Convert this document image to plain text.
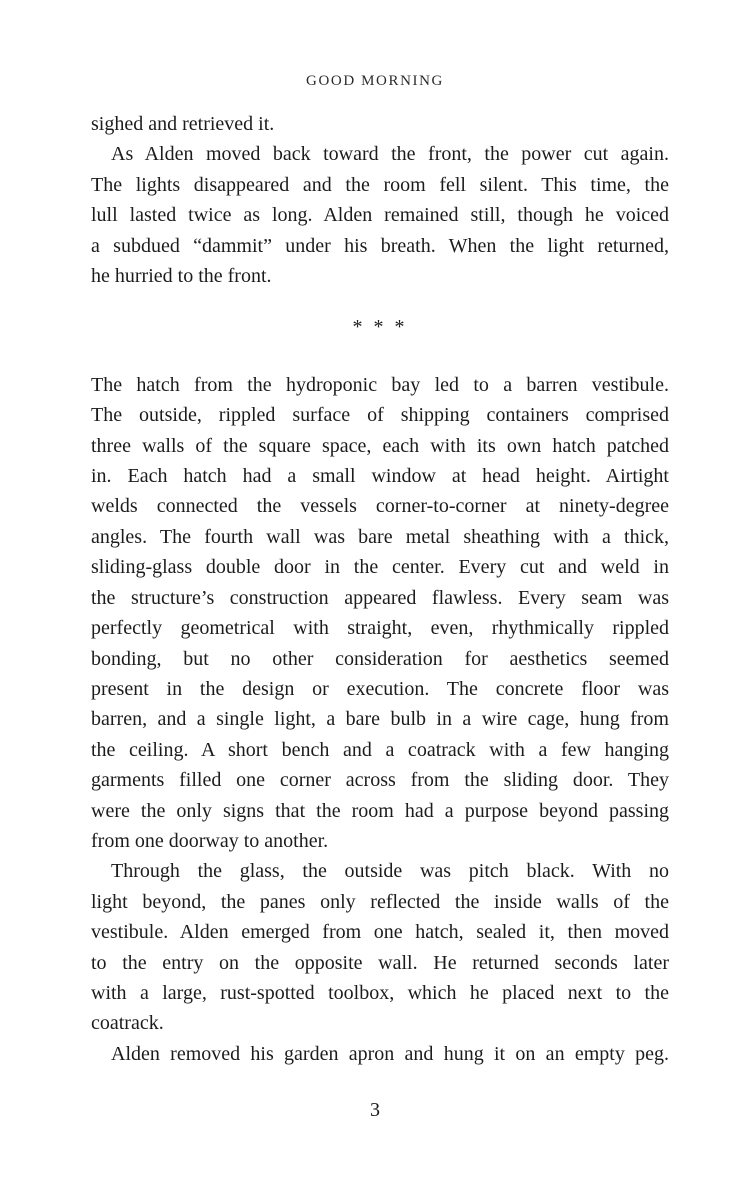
GOOD MORNING
sighed and retrieved it.
As Alden moved back toward the front, the power cut again.
The lights disappeared and the room fell silent. This time, the
lull lasted twice as long. Alden remained still, though he voiced
a subdued “dammit” under his breath. When the light returned,
he hurried to the front.
* * *
The hatch from the hydroponic bay led to a barren vestibule.
The outside, rippled surface of shipping containers comprised
three walls of the square space, each with its own hatch patched
in. Each hatch had a small window at head height. Airtight
welds connected the vessels corner-to-corner at ninety-degree
angles. The fourth wall was bare metal sheathing with a thick,
sliding-glass double door in the center. Every cut and weld in
the structure’s construction appeared flawless. Every seam was
perfectly geometrical with straight, even, rhythmically rippled
bonding, but no other consideration for aesthetics seemed
present in the design or execution. The concrete floor was
barren, and a single light, a bare bulb in a wire cage, hung from
the ceiling. A short bench and a coatrack with a few hanging
garments filled one corner across from the sliding door. They
were the only signs that the room had a purpose beyond passing
from one doorway to another.
Through the glass, the outside was pitch black. With no
light beyond, the panes only reflected the inside walls of the
vestibule. Alden emerged from one hatch, sealed it, then moved
to the entry on the opposite wall. He returned seconds later
with a large, rust-spotted toolbox, which he placed next to the
coatrack.
Alden removed his garden apron and hung it on an empty peg.
3
